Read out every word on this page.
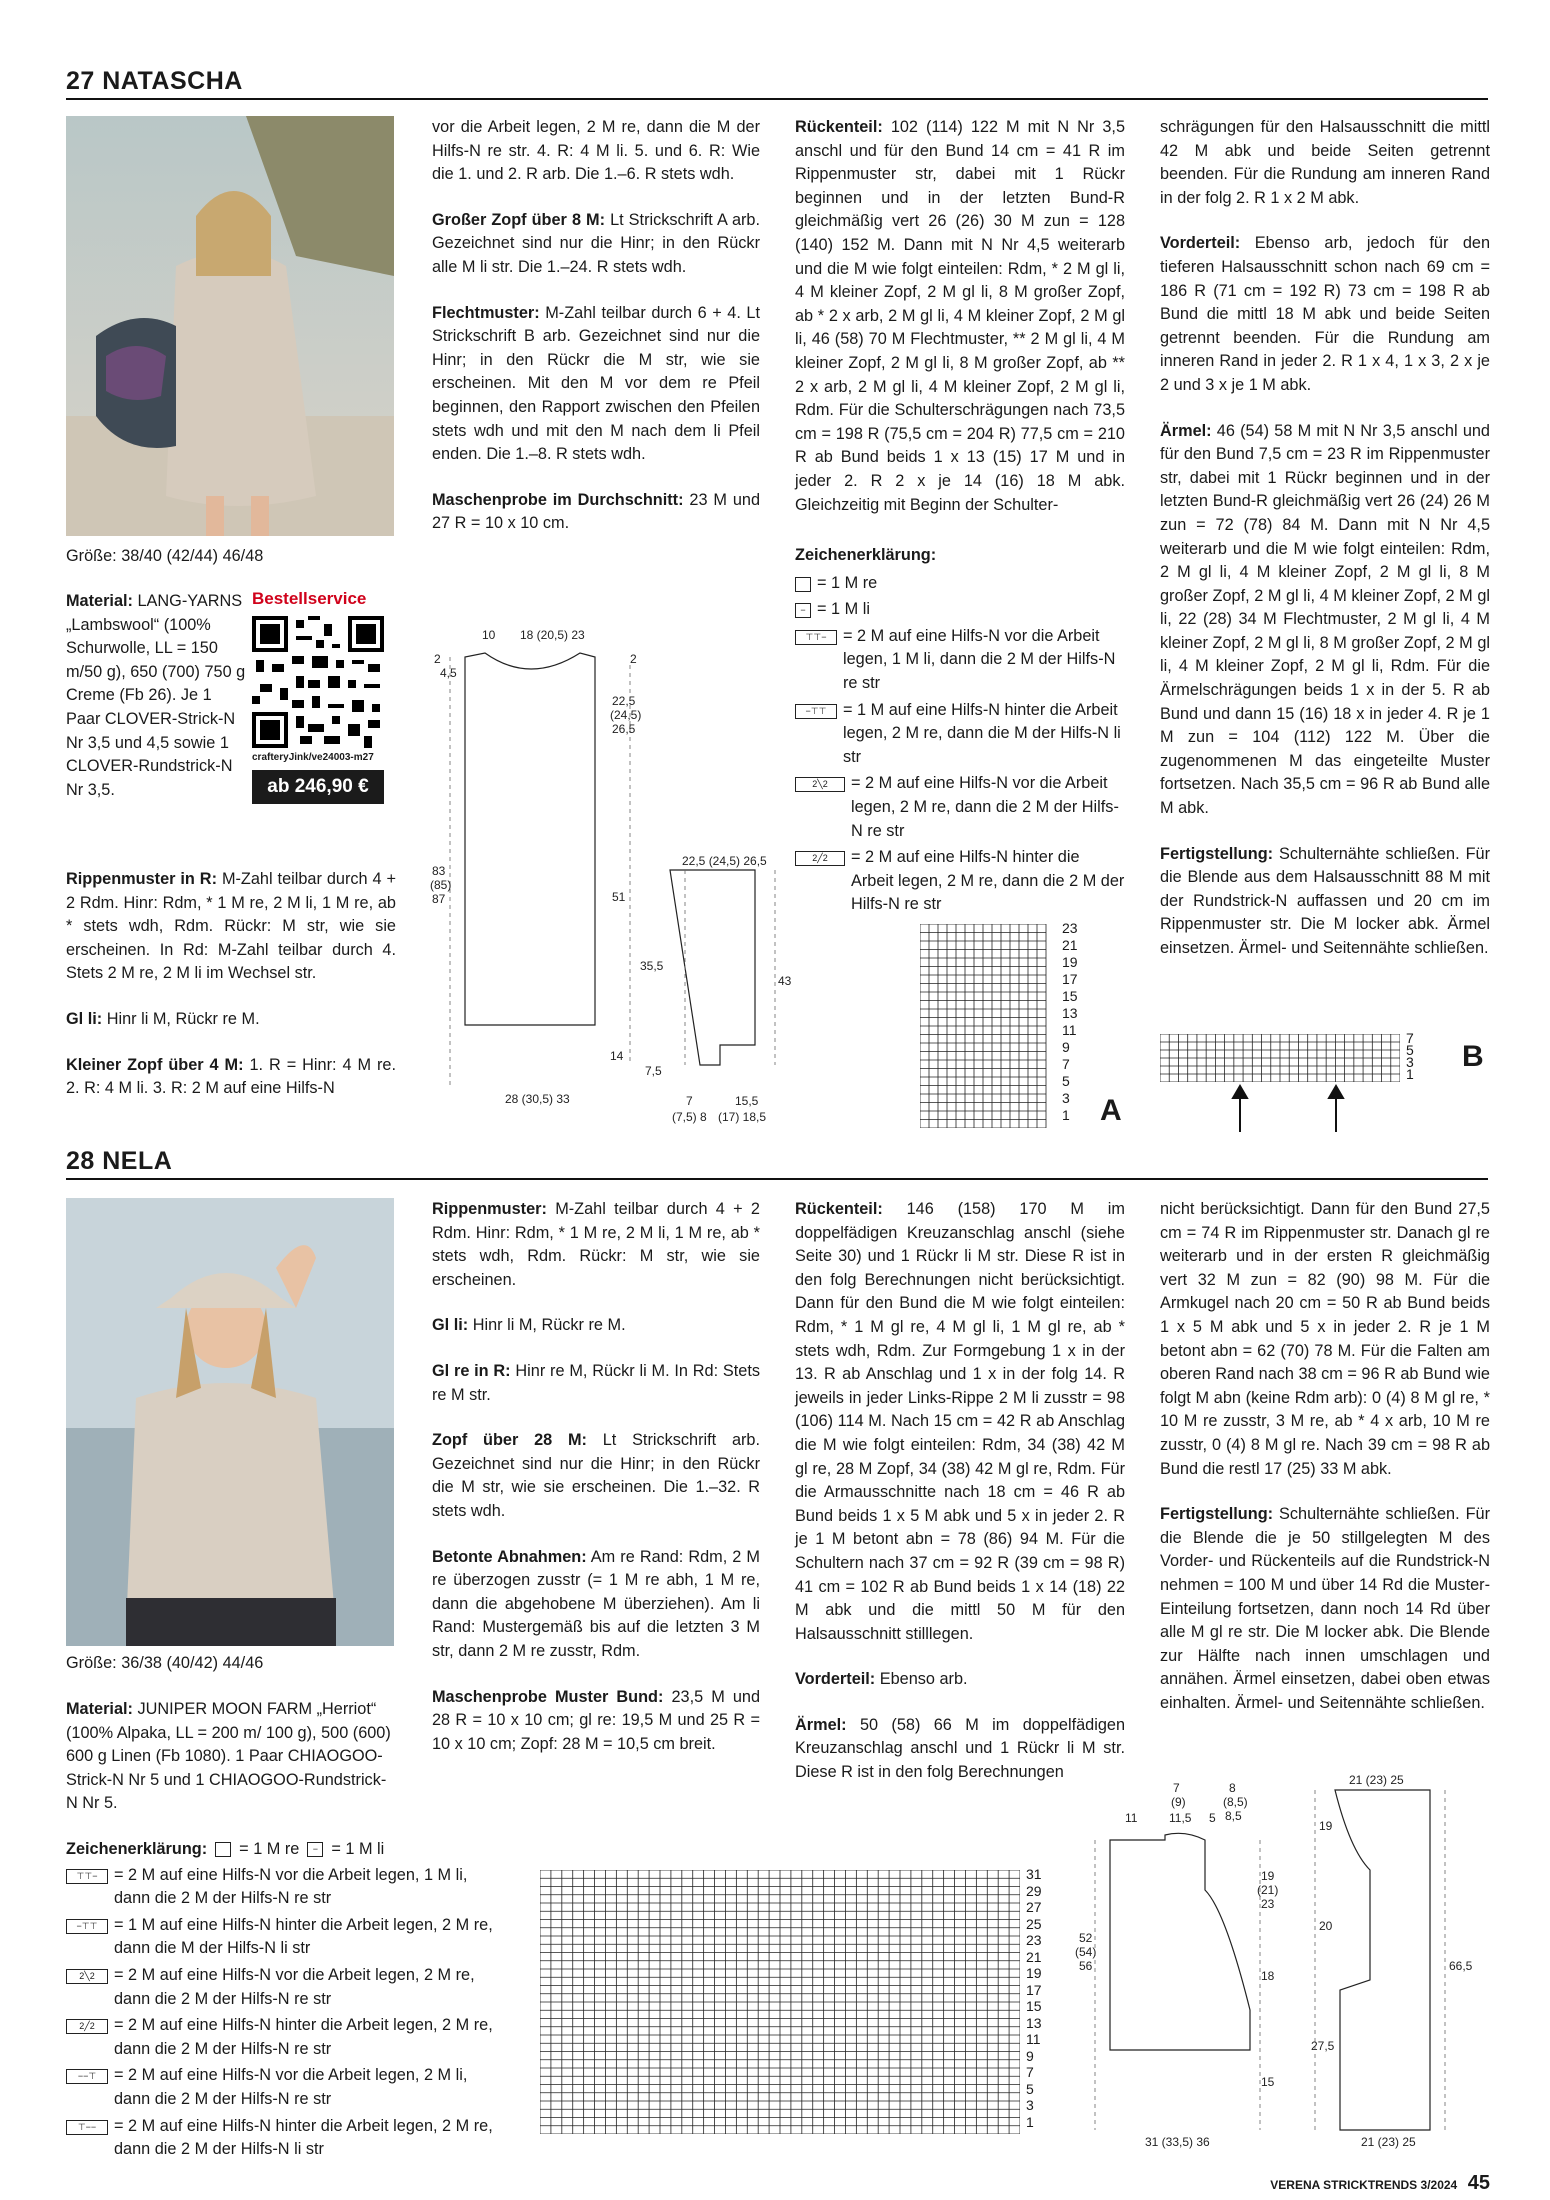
27 NATASCHA
Größe: 38/40 (42/44) 46/48

Material: LANG-YARNS „Lambswool“ (100% Schurwolle, LL = 150 m/50 g), 650 (700) 750 g Creme (Fb 26). Je 1 Paar CLOVER-Strick-N Nr 3,5 und 4,5 sowie 1 CLOVER-Rundstrick-N Nr 3,5.

Bestellservice
crafteryJink/ve24003-m27
ab 246,90 €

Rippenmuster in R: M-Zahl teilbar durch 4 + 2 Rdm. Hinr: Rdm, * 1 M re, 2 M li, 1 M re, ab * stets wdh, Rdm. Rückr: M str, wie sie erscheinen. In Rd: M-Zahl teilbar durch 4. Stets 2 M re, 2 M li im Wechsel str.

Gl li: Hinr li M, Rückr re M.

Kleiner Zopf über 4 M: 1. R = Hinr: 4 M re. 2. R: 4 M li. 3. R: 2 M auf eine Hilfs-N

vor die Arbeit legen, 2 M re, dann die M der Hilfs-N re str. 4. R: 4 M li. 5. und 6. R: Wie die 1. und 2. R arb. Die 1.–6. R stets wdh.

Großer Zopf über 8 M: Lt Strickschrift A arb. Gezeichnet sind nur die Hinr; in den Rückr alle M li str. Die 1.–24. R stets wdh.

Flechtmuster: M-Zahl teilbar durch 6 + 4. Lt Strickschrift B arb. Gezeichnet sind nur die Hinr; in den Rückr die M str, wie sie erscheinen. Mit den M vor dem re Pfeil beginnen, den Rapport zwischen den Pfeilen stets wdh und mit den M nach dem li Pfeil enden. Die 1.–8. R stets wdh.

Maschenprobe im Durchschnitt: 23 M und 27 R = 10 x 10 cm.

10 18 (20,5) 23
2
4,5
2
22,5
(24,5)
26,5
83
(85)
87	51
35,5
14
7,5
28 (30,5) 33
22,5 (24,5) 26,5
43
7
(7,5) 8
15,5
(17) 18,5

Rückenteil: 102 (114) 122 M mit N Nr 3,5 anschl und für den Bund 14 cm = 41 R im Rippenmuster str, dabei mit 1 Rückr beginnen und in der letzten Bund-R gleichmäßig vert 26 (26) 30 M zun = 128 (140) 152 M. Dann mit N Nr 4,5 weiterarb und die M wie folgt einteilen: Rdm, * 2 M gl li, 4 M kleiner Zopf, 2 M gl li, 8 M großer Zopf, ab * 2 x arb, 2 M gl li, 4 M kleiner Zopf, 2 M gl li, 46 (58) 70 M Flechtmuster, ** 2 M gl li, 4 M kleiner Zopf, 2 M gl li, 8 M großer Zopf, ab ** 2 x arb, 2 M gl li, 4 M kleiner Zopf, 2 M gl li, Rdm. Für die Schulterschrägungen nach 73,5 cm = 198 R (75,5 cm = 204 R) 77,5 cm = 210 R ab Bund beids 1 x 13 (15) 17 M und in jeder 2. R 2 x je 14 (16) 18 M abk. Gleichzeitig mit Beginn der Schulter-

Zeichenerklärung:
= 1 M re
− = 1 M li
⊤⊤−	= 2 M auf eine Hilfs-N vor die Arbeit legen, 1 M li, dann die 2 M der Hilfs-N re str
−⊤⊤	= 1 M auf eine Hilfs-N hinter die Arbeit legen, 2 M re, dann die M der Hilfs-N li str
2╲2	= 2 M auf eine Hilfs-N vor die Arbeit legen, 2 M re, dann die 2 M der Hilfs-N re str
2╱2	= 2 M auf eine Hilfs-N hinter die Arbeit legen, 2 M re, dann die 2 M der Hilfs-N re str
23
21
19
17
15
13
11
9
7
5
3
1 A

schrägungen für den Halsausschnitt die mittl 42 M abk und beide Seiten getrennt beenden. Für die Rundung am inneren Rand in der folg 2. R 1 x 2 M abk.

Vorderteil: Ebenso arb, jedoch für den tieferen Halsausschnitt schon nach 69 cm = 186 R (71 cm = 192 R) 73 cm = 198 R ab Bund die mittl 18 M abk und beide Seiten getrennt beenden. Für die Rundung am inneren Rand in jeder 2. R 1 x 4, 1 x 3, 2 x je 2 und 3 x je 1 M abk.

Ärmel: 46 (54) 58 M mit N Nr 3,5 anschl und für den Bund 7,5 cm = 23 R im Rippenmuster str, dabei mit 1 Rückr beginnen und in der letzten Bund-R gleichmäßig vert 26 (24) 26 M zun = 72 (78) 84 M. Dann mit N Nr 4,5 weiterarb und die M wie folgt einteilen: Rdm, 2 M gl li, 4 M kleiner Zopf, 2 M gl li, 8 M großer Zopf, 2 M gl li, 4 M kleiner Zopf, 2 M gl li, 22 (28) 34 M Flechtmuster, 2 M gl li, 4 M kleiner Zopf, 2 M gl li, 8 M großer Zopf, 2 M gl li, 4 M kleiner Zopf, 2 M gl li, Rdm. Für die Ärmelschrägungen beids 1 x in der 5. R ab Bund und dann 15 (16) 18 x in jeder 4. R je 1 M zun = 104 (112) 122 M. Über die zugenommenen M das eingeteilte Muster fortsetzen. Nach 35,5 cm = 96 R ab Bund alle M abk.

Fertigstellung: Schulternähte schließen. Für die Blende aus dem Halsausschnitt 88 M mit der Rundstrick-N auffassen und 20 cm im Rippenmuster str. Die M locker abk. Ärmel einsetzen. Ärmel- und Seitennähte schließen.

7
5
3
1
B
28 NELA
Größe: 36/38 (40/42) 44/46

Material: JUNIPER MOON FARM „Herriot“ (100% Alpaka, LL = 200 m/ 100 g), 500 (600) 600 g Linen (Fb 1080). 1 Paar CHIAOGOO-Strick-N Nr 5 und 1 CHIAOGOO-Rundstrick-N Nr 5.

Rippenmuster: M-Zahl teilbar durch 4 + 2 Rdm. Hinr: Rdm, * 1 M re, 2 M li, 1 M re, ab * stets wdh, Rdm. Rückr: M str, wie sie erscheinen.

Gl li: Hinr li M, Rückr re M.

Gl re in R: Hinr re M, Rückr li M. In Rd: Stets re M str.

Zopf über 28 M: Lt Strickschrift arb. Gezeichnet sind nur die Hinr; in den Rückr die M str, wie sie erscheinen. Die 1.–32. R stets wdh.

Betonte Abnahmen: Am re Rand: Rdm, 2 M re überzogen zusstr (= 1 M re abh, 1 M re, dann die abgehobene M überziehen). Am li Rand: Mustergemäß bis auf die letzten 3 M str, dann 2 M re zusstr, Rdm.

Maschenprobe Muster Bund: 23,5 M und 28 R = 10 x 10 cm; gl re: 19,5 M und 25 R = 10 x 10 cm; Zopf: 28 M = 10,5 cm breit.

Rückenteil: 146 (158) 170 M im doppelfädigen Kreuzanschlag anschl (siehe Seite 30) und 1 Rückr li M str. Diese R ist in den folg Berechnungen nicht berücksichtigt. Dann für den Bund die M wie folgt einteilen: Rdm, * 1 M gl re, 4 M gl li, 1 M gl re, ab * stets wdh, Rdm. Zur Formgebung 1 x in der 13. R ab Anschlag und 1 x in der folg 14. R jeweils in jeder Links-Rippe 2 M li zusstr = 98 (106) 114 M. Nach 15 cm = 42 R ab Anschlag die M wie folgt einteilen: Rdm, 34 (38) 42 M gl re, 28 M Zopf, 34 (38) 42 M gl re, Rdm. Für die Armausschnitte nach 18 cm = 46 R ab Bund beids 1 x 5 M abk und 5 x in jeder 2. R je 1 M betont abn = 78 (86) 94 M. Für die Schultern nach 37 cm = 92 R (39 cm = 98 R) 41 cm = 102 R ab Bund beids 1 x 14 (18) 22 M abk und die mittl 50 M für den Halsausschnitt stilllegen.

Vorderteil: Ebenso arb.

Ärmel: 50 (58) 66 M im doppelfädigen Kreuzanschlag anschl und 1 Rückr li M str. Diese R ist in den folg Berechnungen

nicht berücksichtigt. Dann für den Bund 27,5 cm = 74 R im Rippenmuster str. Danach gl re weiterarb und in der ersten R gleichmäßig vert 32 M zun = 82 (90) 98 M. Für die Armkugel nach 20 cm = 50 R ab Bund beids 1 x 5 M abk und 5 x in jeder 2. R je 1 M betont abn = 62 (70) 78 M. Für die Falten am oberen Rand nach 38 cm = 96 R ab Bund wie folgt M abn (keine Rdm arb): 0 (4) 8 M gl re, * 10 M re zusstr, 3 M re, ab * 4 x arb, 10 M re zusstr, 0 (4) 8 M gl re. Nach 39 cm = 98 R ab Bund die restl 17 (25) 33 M abk.

Fertigstellung: Schulternähte schließen. Für die Blende die je 50 stillgelegten M des Vorder- und Rückenteils auf die Rundstrick-N nehmen = 100 M und über 14 Rd die Muster-Einteilung fortsetzen, dann noch 14 Rd über alle M gl re str. Die M locker abk. Die Blende zur Hälfte nach innen umschlagen und annähen. Ärmel einsetzen, dabei oben etwas einhalten. Ärmel- und Seitennähte schließen.

Zeichenerklärung: = 1 M re	− = 1 M li
⊤⊤−	= 2 M auf eine Hilfs-N vor die Arbeit legen, 1 M li, dann die 2 M der Hilfs-N re str
−⊤⊤	= 1 M auf eine Hilfs-N hinter die Arbeit legen, 2 M re, dann die M der Hilfs-N li str
2╲2	= 2 M auf eine Hilfs-N vor die Arbeit legen, 2 M re, dann die 2 M der Hilfs-N re str
2╱2	= 2 M auf eine Hilfs-N hinter die Arbeit legen, 2 M re, dann die 2 M der Hilfs-N re str
−−⊤	= 2 M auf eine Hilfs-N vor die Arbeit legen, 2 M li, dann die 2 M der Hilfs-N re str
⊤−−	= 2 M auf eine Hilfs-N hinter die Arbeit legen, 2 M re, dann die 2 M der Hilfs-N li str
31
29
27
25
23
21
19
17
15
13
11
9
7
5
3
1
7
(9)
8
(8,5)
11	11,5 5 8,5
19
(21)
23
52
(54)
56
18
15
31 (33,5) 36
21 (23) 25
19
20
66,5
27,5
21 (23) 25
VERENA STRICKTRENDS 3/2024 45
